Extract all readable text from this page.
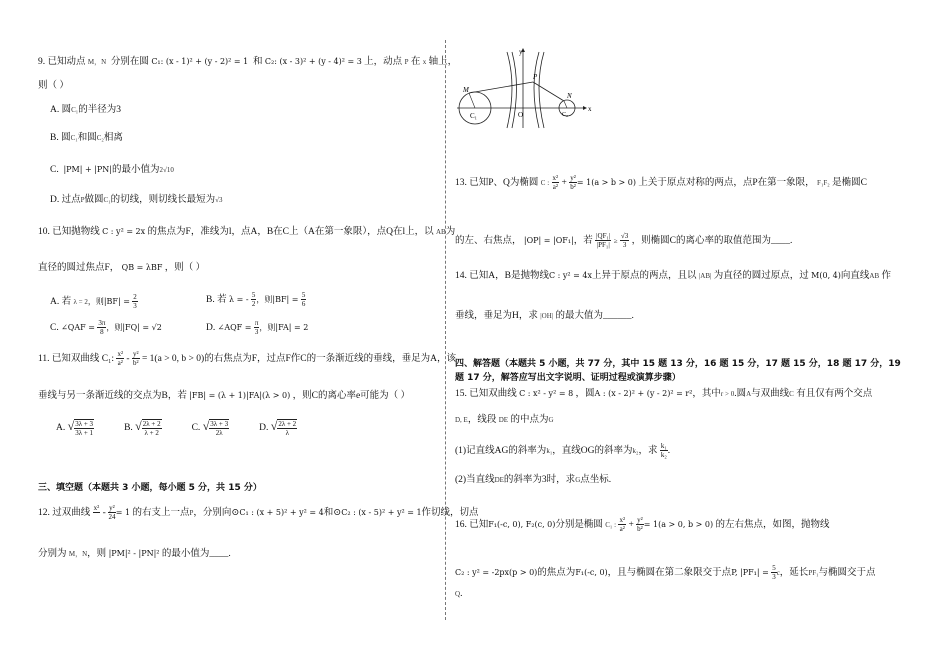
9. 已知动点 M，N 分别在圆 C₁: (x - 1)² + (y - 2)² = 1 和 C₂: (x - 3)² + (y - 4)² = 3 上，动点 P 在 x 轴上，
则（ ）
A. 圆C₁的半径为3
B. 圆C₁和圆C₂相离
C. |PM| + |PN|的最小值为2√10
D. 过点P做圆C₁的切线，则切线长最短为√3
10. 已知抛物线 C : y² = 2x 的焦点为F，准线为l，点A，B在C上（A在第一象限），点Q在l上，以 AB为
直径的圆过焦点F， QB = λBF ，则（ ）
A. 若 λ = 2，则$|BF| = \frac{2}{3}$	B. 若 λ = - $\frac{5}{2}$ ，则$|BF| = \frac{5}{6}$
C. ∠QAF = $\frac{3\pi}{8}$ ，则|FQ| = √2	D. ∠AQF = $\frac{\pi}{3}$ ，则|FA| = 2
11. 已知双曲线 C₁: $\frac{\text{x²}}{\text{a²}} - \frac{\text{y²}}{\text{b²}} = 1(a > 0$, b > 0)的右焦点为F，过点F作C的一条渐近线的垂线，垂足为A，该
垂线与另一条渐近线的交点为B，若 |FB| = (λ + 1)|FA|(λ > 0) ，则C的离心率e可能为（ ）
A. √ $\frac{3\lambda + 3}{3\lambda + 1}$	B. √ $\frac{2\lambda + 2}{\lambda + 2}$	C. √ $\frac{3\lambda + 3}{2\lambda}$	D. √ $\frac{2\lambda + 2}{\lambda}$
三、填空题（本题共 3 小题，每小题 5 分，共 15 分）
12. 过双曲线 x²
- $\frac{\text{y²}}{24} = 1$ 的右支上一点P，分别向⊙C₁ : (x + 5)² + y² = 4和⊙C₂ : (x - 5)² + y² = 1作切线，切点
分别为 M，N，则 |PM|² - |PN|² 的最小值为____.
y
x
M
P
N
C₁	O	C₂
13. 已知P、Q为椭圆 C : $\frac{\text{x²}}{\text{a²}} + \frac{\text{y²}}{\text{b²}} = 1(a > b > 0)$ 上关于原点对称的两点，点P在第一象限， F₁F₂ 是椭圆C
的左、右焦点， |OP| = |OF₁|，若 $\frac{\text{|QF₁|}}{\text{|PF₁|}} \ge \frac{√3}{3}$ ，则椭圆C的离心率的取值范围为____.
14. 已知A，B是抛物线C : y² = 4x上异于原点的两点，且以 |AB| 为直径的圆过原点，过 M(0, 4)向直线AB 作
垂线，垂足为H，求 |OH| 的最大值为______.
四、解答题（本题共 5 小题，共 77 分，其中 15 题 13 分，16 题 15 分，17 题 15 分，18 题 17 分，19
题 17 分，解答应写出文字说明、证明过程或演算步骤）
15. 已知双曲线 C : x² - y² = 8 ，圆A : (x - 2)² + (y - 2)² = r²，其中r > 0.圆A与双曲线C 有且仅有两个交点
D, E，线段 DE 的中点为G
(1)记直线AG的斜率为k₁，直线OG的斜率为k₂，求 $\frac{\text{k₁}}{\text{k₂}}$ .
(2)当直线DE的斜率为3时，求G点坐标.
16. 已知F₁(-c, 0), F₂(c, 0)分别是椭圆 C₁ : $\frac{\text{x²}}{\text{a²}} + \frac{\text{y²}}{\text{b²}} = 1(a > 0$, b > 0) 的左右焦点，如图，抛物线
C₂ : y² = -2px(p > 0)的焦点为F₁(-c, 0)，且与椭圆在第二象限交于点P, $|PF_1| = \frac{5}{3}$ c，延长PF₁与椭圆交于点
Q.
